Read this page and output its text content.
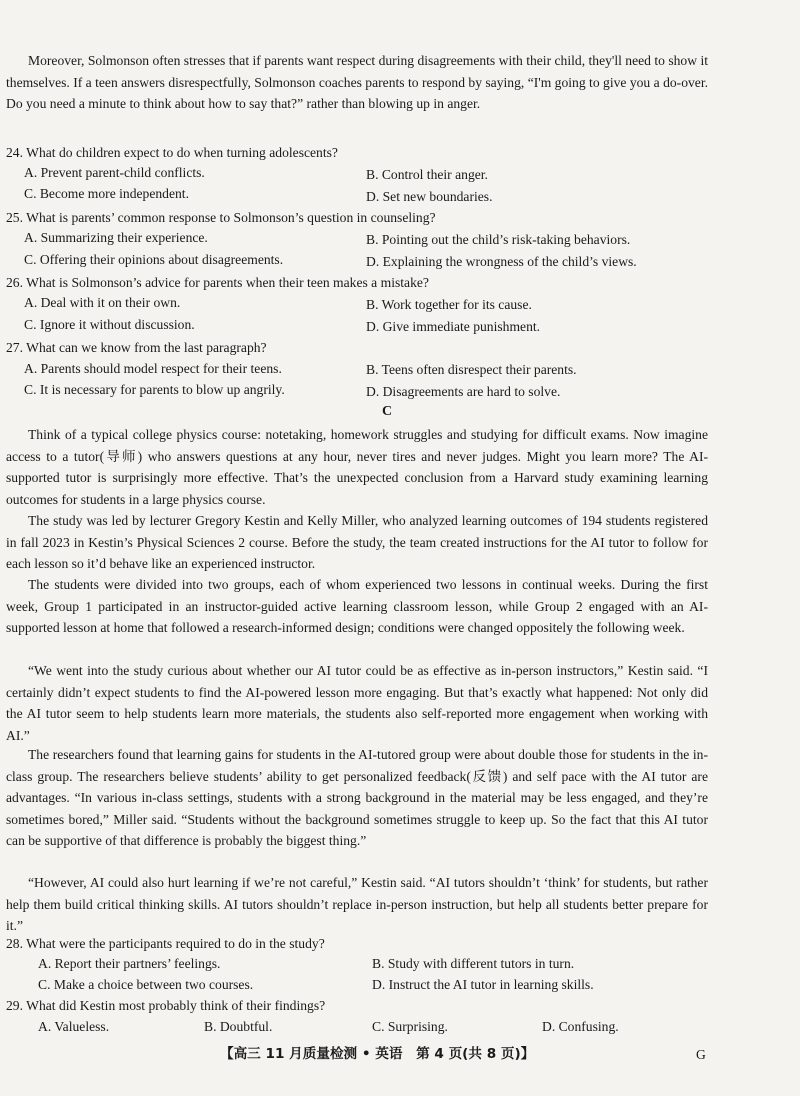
Moreover, Solmonson often stresses that if parents want respect during disagreements with their child, they'll need to show it themselves. If a teen answers disrespectfully, Solmonson coaches parents to respond by saying, “I'm going to give you a do-over. Do you need a minute to think about how to say that?” rather than blowing up in anger.

24. What do children expect to do when turning adolescents?
A. Prevent parent-child conflicts.	B. Control their anger.
C. Become more independent.	D. Set new boundaries.
25. What is parents’ common response to Solmonson’s question in counseling?
A. Summarizing their experience.	B. Pointing out the child’s risk-taking behaviors.
C. Offering their opinions about disagreements.	D. Explaining the wrongness of the child’s views.
26. What is Solmonson’s advice for parents when their teen makes a mistake?
A. Deal with it on their own.	B. Work together for its cause.
C. Ignore it without discussion.	D. Give immediate punishment.
27. What can we know from the last paragraph?
A. Parents should model respect for their teens.	B. Teens often disrespect their parents.
C. It is necessary for parents to blow up angrily.	D. Disagreements are hard to solve.
C

Think of a typical college physics course: notetaking, homework struggles and studying for difficult exams. Now imagine access to a tutor(导师) who answers questions at any hour, never tires and never judges. Might you learn more? The AI-supported tutor is surprisingly more effective. That’s the unexpected conclusion from a Harvard study examining learning outcomes for students in a large physics course.

The study was led by lecturer Gregory Kestin and Kelly Miller, who analyzed learning outcomes of 194 students registered in fall 2023 in Kestin’s Physical Sciences 2 course. Before the study, the team created instructions for the AI tutor to follow for each lesson so it’d behave like an experienced instructor.

The students were divided into two groups, each of whom experienced two lessons in continual weeks. During the first week, Group 1 participated in an instructor-guided active learning classroom lesson, while Group 2 engaged with an AI-supported lesson at home that followed a research-informed design; conditions were changed oppositely the following week.

“We went into the study curious about whether our AI tutor could be as effective as in-person instructors,” Kestin said. “I certainly didn’t expect students to find the AI-powered lesson more engaging. But that’s exactly what happened: Not only did the AI tutor seem to help students learn more materials, the students also self-reported more engagement when working with AI.”

The researchers found that learning gains for students in the AI-tutored group were about double those for students in the in-class group. The researchers believe students’ ability to get personalized feedback(反馈) and self pace with the AI tutor are advantages. “In various in-class settings, students with a strong background in the material may be less engaged, and they’re sometimes bored,” Miller said. “Students without the background sometimes struggle to keep up. So the fact that this AI tutor can be supportive of that difference is probably the biggest thing.”

“However, AI could also hurt learning if we’re not careful,” Kestin said. “AI tutors shouldn’t ‘think’ for students, but rather help them build critical thinking skills. AI tutors shouldn’t replace in-person instruction, but help all students better prepare for it.”

28. What were the participants required to do in the study?
A. Report their partners’ feelings.	B. Study with different tutors in turn.
C. Make a choice between two courses.	D. Instruct the AI tutor in learning skills.
29. What did Kestin most probably think of their findings?
A. Valueless.	B. Doubtful.	C. Surprising.	D. Confusing.
【高三 11 月质量检测 • 英语　第 4 页(共 8 页)】	G
